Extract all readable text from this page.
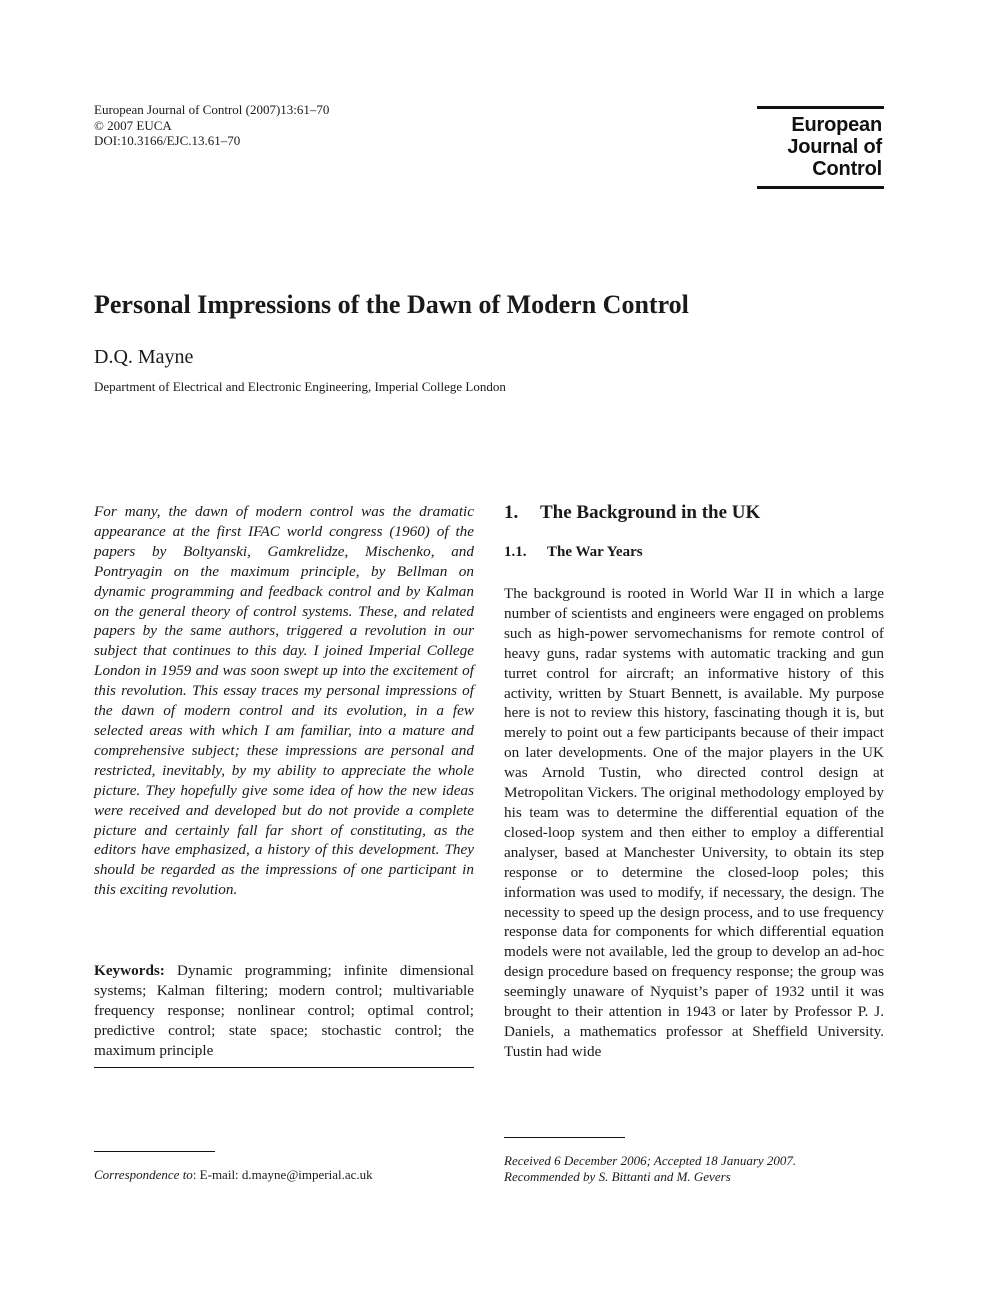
European Journal of Control (2007)13:61–70
© 2007 EUCA
DOI:10.3166/EJC.13.61–70
European
Journal of
Control
Personal Impressions of the Dawn of Modern Control
D.Q. Mayne
Department of Electrical and Electronic Engineering, Imperial College London

For many, the dawn of modern control was the dramatic appearance at the first IFAC world congress (1960) of the papers by Boltyanski, Gamkrelidze, Mischenko, and Pontryagin on the maximum principle, by Bellman on dynamic programming and feedback control and by Kalman on the general theory of control systems. These, and related papers by the same authors, triggered a revolution in our subject that continues to this day. I joined Imperial College London in 1959 and was soon swept up into the excitement of this revolution. This essay traces my personal impressions of the dawn of modern control and its evolution, in a few selected areas with which I am familiar, into a mature and comprehensive subject; these impressions are personal and restricted, inevitably, by my ability to appreciate the whole picture. They hopefully give some idea of how the new ideas were received and developed but do not provide a complete picture and certainly fall far short of constituting, as the editors have emphasized, a history of this development. They should be regarded as the impressions of one participant in this exciting revolution.

Keywords: Dynamic programming; infinite dimensional systems; Kalman filtering; modern control; multivariable frequency response; nonlinear control; optimal control; predictive control; state space; stochastic control; the maximum principle

Correspondence to: E-mail: d.mayne@imperial.ac.uk
1. The Background in the UK
1.1. The War Years

The background is rooted in World War II in which a large number of scientists and engineers were engaged on problems such as high-power servomechanisms for remote control of heavy guns, radar systems with automatic tracking and gun turret control for aircraft; an informative history of this activity, written by Stuart Bennett, is available. My purpose here is not to review this history, fascinating though it is, but merely to point out a few participants because of their impact on later developments. One of the major players in the UK was Arnold Tustin, who directed control design at Metropolitan Vickers. The original methodology employed by his team was to determine the differential equation of the closed-loop system and then either to employ a differential analyser, based at Manchester University, to obtain its step response or to determine the closed-loop poles; this information was used to modify, if necessary, the design. The necessity to speed up the design process, and to use frequency response data for components for which differential equation models were not available, led the group to develop an ad-hoc design procedure based on frequency response; the group was seemingly unaware of Nyquist’s paper of 1932 until it was brought to their attention in 1943 or later by Professor P. J. Daniels, a mathematics professor at Sheffield University. Tustin had wide

Received 6 December 2006; Accepted 18 January 2007.
Recommended by S. Bittanti and M. Gevers
